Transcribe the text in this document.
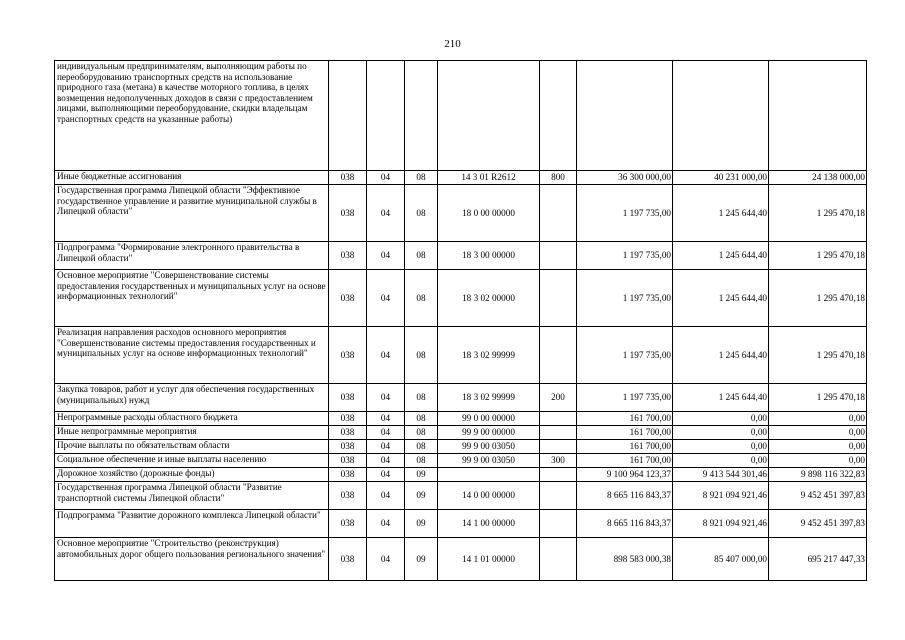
210
индивидуальным предпринимателям, выполняющим работы по переоборудованию транспортных средств на использование природного газа (метана) в качестве моторного топлива, в целях возмещения недополученных доходов в связи с предоставлением лицами, выполняющими переоборудование, скидки владельцам транспортных средств на указанные работы)								
Иные бюджетные ассигнования	038	04	08	14 3 01 R2612	800	36 300 000,00	40 231 000,00	24 138 000,00
Государственная программа Липецкой области "Эффективное государственное управление и развитие муниципальной службы в Липецкой области"	038	04	08	18 0 00 00000		1 197 735,00	1 245 644,40	1 295 470,18
Подпрограмма "Формирование электронного правительства в Липецкой области"	038	04	08	18 3 00 00000		1 197 735,00	1 245 644,40	1 295 470,18
Основное мероприятие "Совершенствование системы предоставления государственных и муниципальных услуг на основе информационных технологий"	038	04	08	18 3 02 00000		1 197 735,00	1 245 644,40	1 295 470,18
Реализация направления расходов основного мероприятия "Совершенствование системы предоставления государственных и муниципальных услуг на основе информационных технологий"	038	04	08	18 3 02 99999		1 197 735,00	1 245 644,40	1 295 470,18
Закупка товаров, работ и услуг для обеспечения государственных (муниципальных) нужд	038	04	08	18 3 02 99999	200	1 197 735,00	1 245 644,40	1 295 470,18
Непрограммные расходы областного бюджета	038	04	08	99 0 00 00000		161 700,00	0,00	0,00
Иные непрограммные мероприятия	038	04	08	99 9 00 00000		161 700,00	0,00	0,00
Прочие выплаты по обязательствам области	038	04	08	99 9 00 03050		161 700,00	0,00	0,00
Социальное обеспечение и иные выплаты населению	038	04	08	99 9 00 03050	300	161 700,00	0,00	0,00
Дорожное хозяйство (дорожные фонды)	038	04	09			9 100 964 123,37	9 413 544 301,46	9 898 116 322,83
Государственная программа Липецкой области "Развитие транспортной системы Липецкой области"	038	04	09	14 0 00 00000		8 665 116 843,37	8 921 094 921,46	9 452 451 397,83
Подпрограмма "Развитие дорожного комплекса Липецкой области"	038	04	09	14 1 00 00000		8 665 116 843,37	8 921 094 921,46	9 452 451 397,83
Основное мероприятие "Строительство (реконструкция) автомобильных дорог общего пользования регионального значения"	038	04	09	14 1 01 00000		898 583 000,38	85 407 000,00	695 217 447,33
